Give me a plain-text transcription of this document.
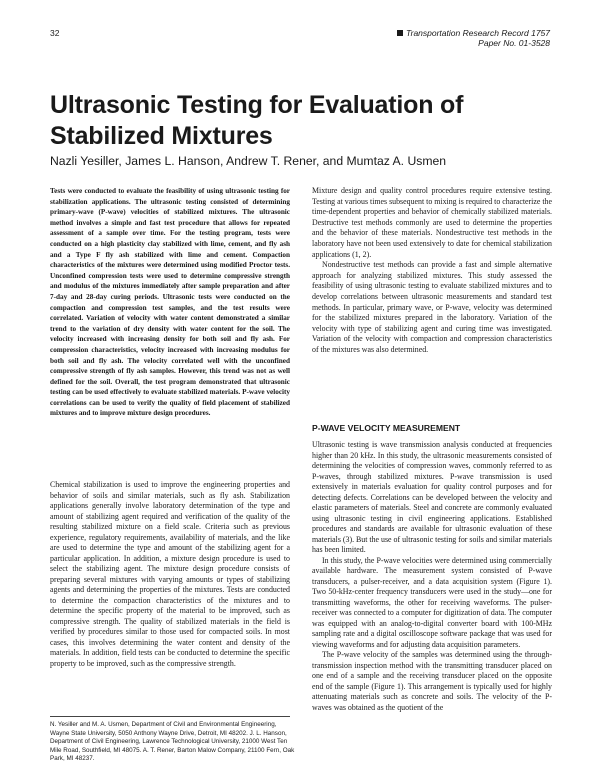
32	Transportation Research Record 1757
Paper No. 01-3528
Ultrasonic Testing for Evaluation of Stabilized Mixtures
Nazli Yesiller, James L. Hanson, Andrew T. Rener, and Mumtaz A. Usmen

Tests were conducted to evaluate the feasibility of using ultrasonic testing for stabilization applications. The ultrasonic testing consisted of determining primary-wave (P-wave) velocities of stabilized mixtures. The ultrasonic method involves a simple and fast test procedure that allows for repeated assessment of a sample over time. For the testing program, tests were conducted on a high plasticity clay stabilized with lime, cement, and fly ash and a Type F fly ash stabilized with lime and cement. Compaction characteristics of the mixtures were determined using modified Proctor tests. Unconfined compression tests were used to determine compressive strength and modulus of the mixtures immediately after sample preparation and after 7-day and 28-day curing periods. Ultrasonic tests were conducted on the compaction and compression test samples, and the test results were correlated. Variation of velocity with water content demonstrated a similar trend to the variation of dry density with water content for the soil. The velocity increased with increasing density for both soil and fly ash. For compression characteristics, velocity increased with increasing modulus for both soil and fly ash. The velocity correlated well with the unconfined compressive strength of fly ash samples. However, this trend was not as well defined for the soil. Overall, the test program demonstrated that ultrasonic testing can be used effectively to evaluate stabilized materials. P-wave velocity correlations can be used to verify the quality of field placement of stabilized mixtures and to improve mixture design procedures.

Chemical stabilization is used to improve the engineering properties and behavior of soils and similar materials, such as fly ash. Stabilization applications generally involve laboratory determination of the type and amount of stabilizing agent required and verification of the quality of the resulting stabilized mixture on a field scale. Criteria such as previous experience, regulatory requirements, availability of materials, and the like are used to determine the type and amount of the stabilizing agent for a particular application. In addition, a mixture design procedure is used to select the stabilizing agent. The mixture design procedure consists of preparing several mixtures with varying amounts or types of stabilizing agents and determining the properties of the mixtures. Tests are conducted to determine the compaction characteristics of the mixtures and to determine the specific property of the material to be improved, such as compressive strength. The quality of stabilized materials in the field is verified by procedures similar to those used for compacted soils. In most cases, this involves determining the water content and density of the materials. In addition, field tests can be conducted to determine the specific property to be improved, such as the compressive strength.

N. Yesiller and M. A. Usmen, Department of Civil and Environmental Engineering, Wayne State University, 5050 Anthony Wayne Drive, Detroit, MI 48202. J. L. Hanson, Department of Civil Engineering, Lawrence Technological University, 21000 West Ten Mile Road, Southfield, MI 48075. A. T. Rener, Barton Malow Company, 21100 Fern, Oak Park, MI 48237.

Mixture design and quality control procedures require extensive testing. Testing at various times subsequent to mixing is required to characterize the time-dependent properties and behavior of chemically stabilized materials. Destructive test methods commonly are used to determine the properties and the behavior of these materials. Nondestructive test methods in the laboratory have not been used extensively to date for chemical stabilization applications (1, 2).

Nondestructive test methods can provide a fast and simple alternative approach for analyzing stabilized mixtures. This study assessed the feasibility of using ultrasonic testing to evaluate stabilized mixtures and to develop correlations between ultrasonic measurements and standard test methods. In particular, primary wave, or P-wave, velocity was determined for the stabilized mixtures prepared in the laboratory. Variation of the velocity with type of stabilizing agent and curing time was investigated. Variation of the velocity with compaction and compression characteristics of the mixtures was also determined.

P-WAVE VELOCITY MEASUREMENT

Ultrasonic testing is wave transmission analysis conducted at frequencies higher than 20 kHz. In this study, the ultrasonic measurements consisted of determining the velocities of compression waves, commonly referred to as P-waves, through stabilized mixtures. P-wave transmission is used extensively in materials evaluation for quality control purposes and for detecting defects. Correlations can be developed between the velocity and elastic parameters of materials. Steel and concrete are commonly evaluated using ultrasonic testing in civil engineering applications. Established procedures and standards are available for ultrasonic evaluation of these materials (3). But the use of ultrasonic testing for soils and similar materials has been limited.

In this study, the P-wave velocities were determined using commercially available hardware. The measurement system consisted of P-wave transducers, a pulser-receiver, and a data acquisition system (Figure 1). Two 50-kHz-center frequency transducers were used in the study—one for transmitting waveforms, the other for receiving waveforms. The pulser-receiver was connected to a computer for digitization of data. The computer was equipped with an analog-to-digital converter board with 100-MHz sampling rate and a digital oscilloscope software package that was used for viewing waveforms and for adjusting data acquisition parameters.

The P-wave velocity of the samples was determined using the through-transmission inspection method with the transmitting transducer placed on one end of a sample and the receiving transducer placed on the opposite end of the sample (Figure 1). This arrangement is typically used for highly attenuating materials such as concrete and soils. The velocity of the P-waves was obtained as the quotient of the
